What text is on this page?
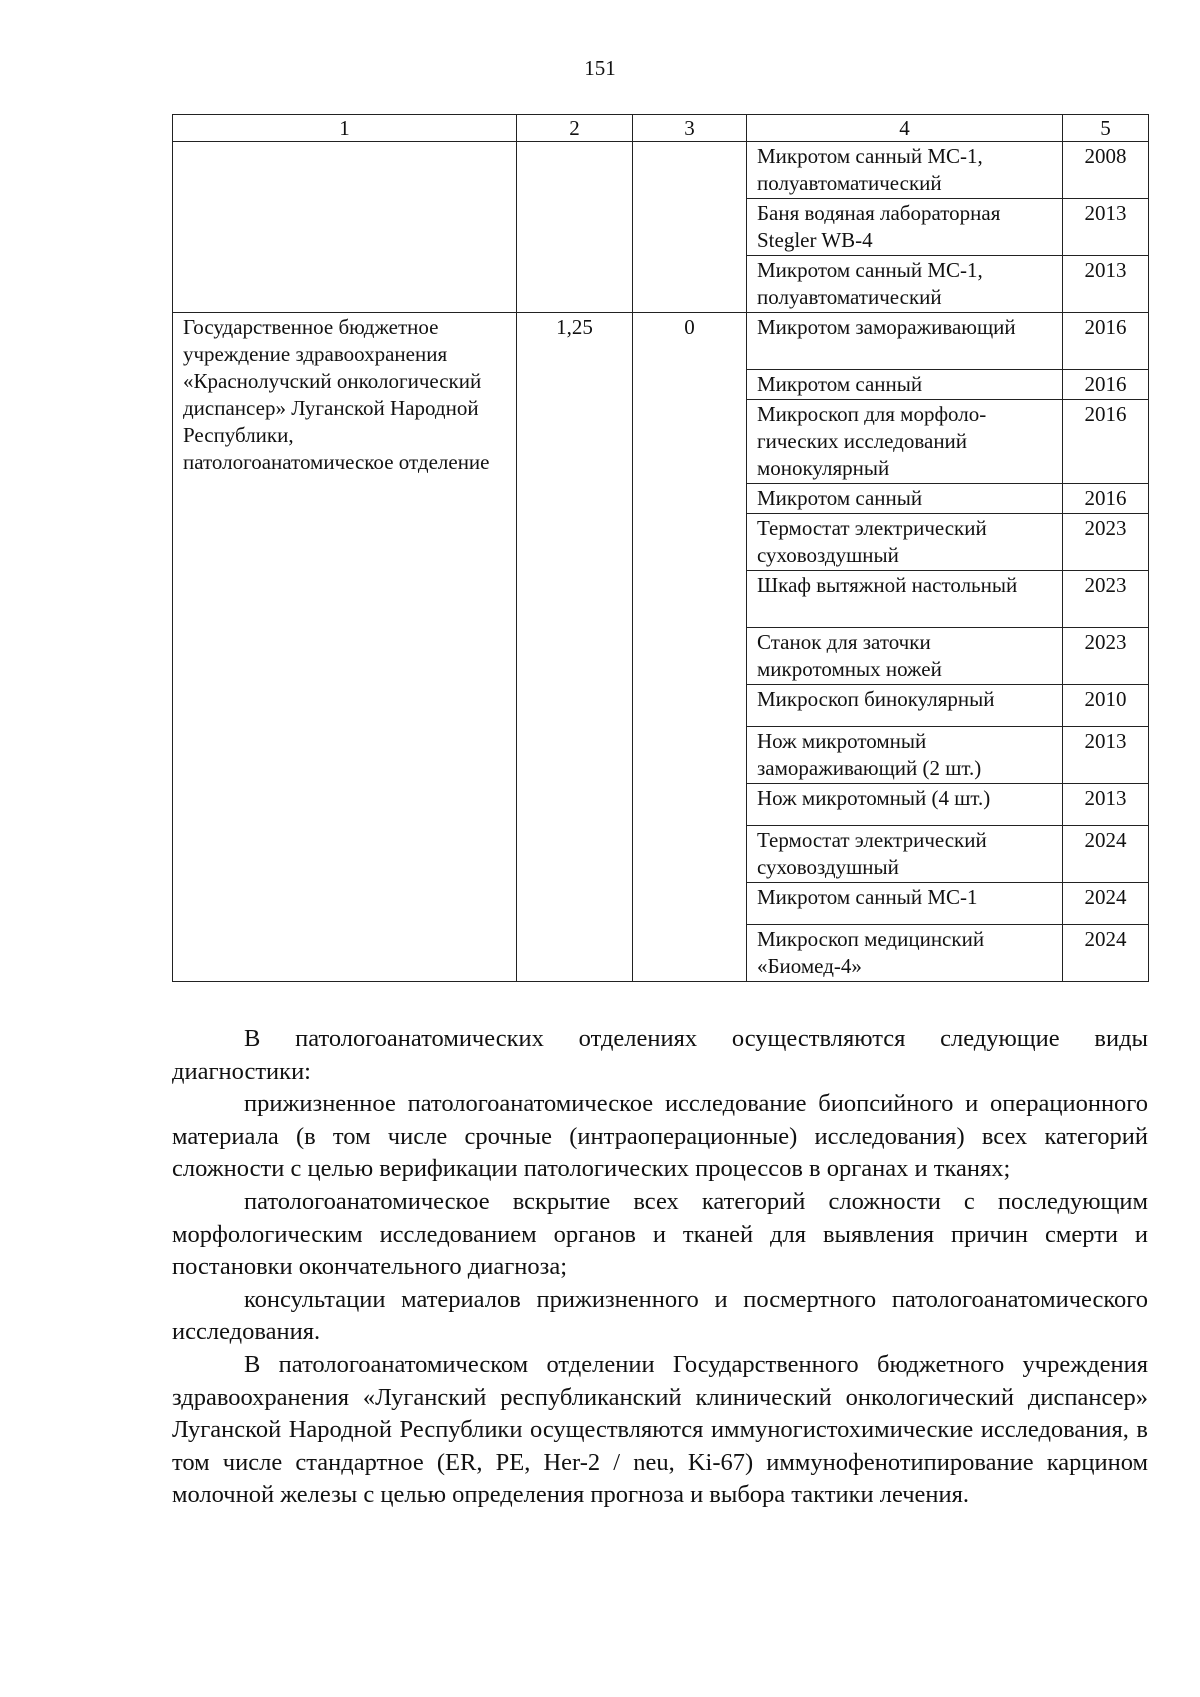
151
1	2	3	4	5
			Микротом санный МС-1, полуавтоматический	2008
			Баня водяная лабораторная Stegler WB-4	2013
			Микротом санный МС-1, полуавтоматический	2013
Государственное бюджетное учреждение здравоохранения «Краснолучский онкологический диспансер» Луганской Народной Республики, патологоанатомическое отделение	1,25	0	Микротом замораживающий	2016
			Микротом санный	2016
			Микроскоп для морфоло-гических исследований монокулярный	2016
			Микротом санный	2016
			Термостат электрический суховоздушный	2023
			Шкаф вытяжной настольный	2023
			Станок для заточки микротомных ножей	2023
			Микроскоп бинокулярный	2010
			Нож микротомный замораживающий (2 шт.)	2013
			Нож микротомный (4 шт.)	2013
			Термостат электрический суховоздушный	2024
			Микротом санный МС-1	2024
			Микроскоп медицинский «Биомед-4»	2024

В патологоанатомических отделениях осуществляются следующие виды диагностики:

прижизненное патологоанатомическое исследование биопсийного и операционного материала (в том числе срочные (интраоперационные) исследования) всех категорий сложности с целью верификации патологических процессов в органах и тканях;

патологоанатомическое вскрытие всех категорий сложности с последующим морфологическим исследованием органов и тканей для выявления причин смерти и постановки окончательного диагноза;

консультации материалов прижизненного и посмертного патологоанатомического исследования.

В патологоанатомическом отделении Государственного бюджетного учреждения здравоохранения «Луганский республиканский клинический онкологический диспансер» Луганской Народной Республики осуществляются иммуногистохимические исследования, в том числе стандартное (ER, PE, Her-2 / neu, Ki-67) иммунофенотипирование карцином молочной железы с целью определения прогноза и выбора тактики лечения.
